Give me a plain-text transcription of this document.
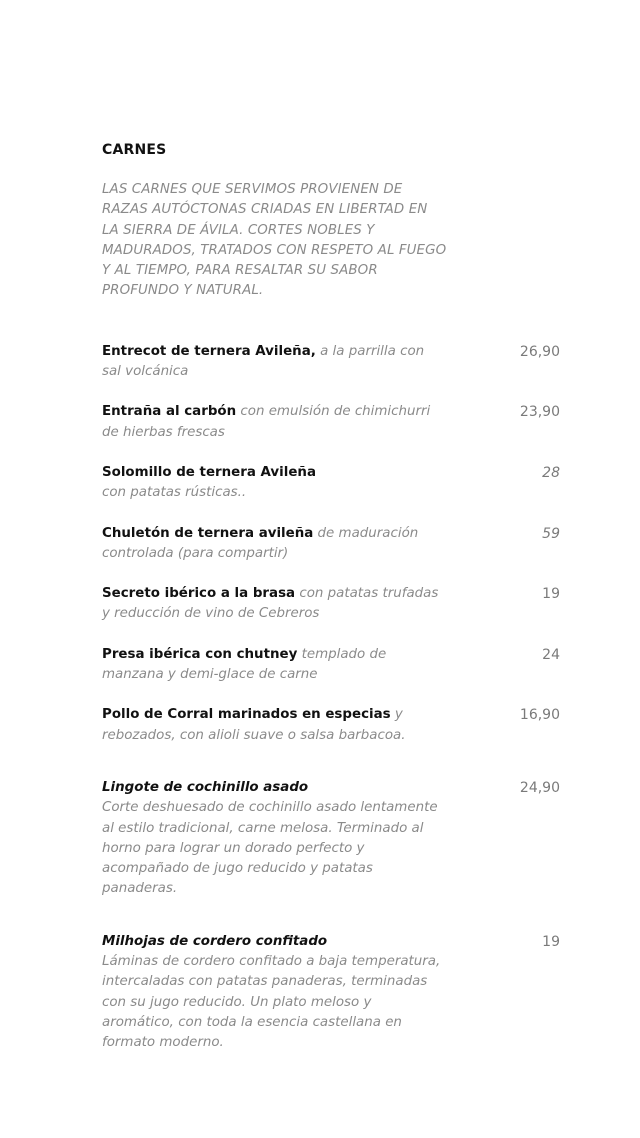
CARNES
LAS CARNES QUE SERVIMOS PROVIENEN DE RAZAS AUTÓCTONAS CRIADAS EN LIBERTAD EN LA SIERRA DE ÁVILA. CORTES NOBLES Y MADURADOS, TRATADOS CON RESPETO AL FUEGO Y AL TIEMPO, PARA RESALTAR SU SABOR PROFUNDO Y NATURAL.
Entrecot de ternera Avileña, a la parrilla con sal volcánica
26,90
Entraña al carbón con emulsión de chimichurri de hierbas frescas
23,90
Solomillo de ternera Avileña
con patatas rústicas..
28
Chuletón de ternera avileña de maduración controlada (para compartir)
59
Secreto ibérico a la brasa con patatas trufadas y reducción de vino de Cebreros
19
Presa ibérica con chutney templado de manzana y demi-glace de carne
24
Pollo de Corral marinados en especias y rebozados, con alioli suave o salsa barbacoa.
16,90
Lingote de cochinillo asado
Corte deshuesado de cochinillo asado lentamente al estilo tradicional, carne melosa. Terminado al horno para lograr un dorado perfecto y acompañado de jugo reducido y patatas panaderas.
24,90
Milhojas de cordero confitado
Láminas de cordero confitado a baja temperatura, intercaladas con patatas panaderas, terminadas con su jugo reducido. Un plato meloso y aromático, con toda la esencia castellana en formato moderno.
19
